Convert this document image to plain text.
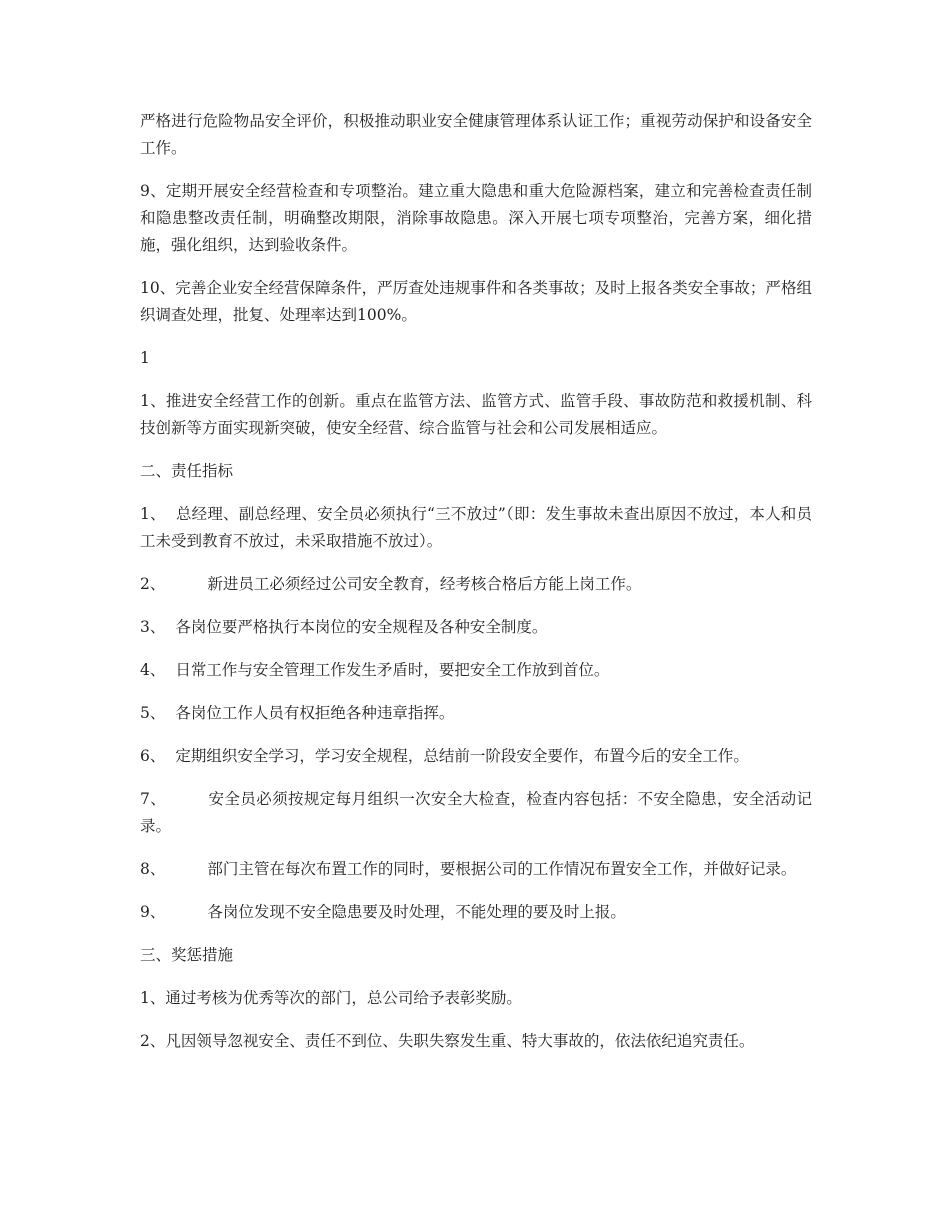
严格进行危险物品安全评价，积极推动职业安全健康管理体系认证工作；重视劳动保护和设备安全工作。

9、定期开展安全经营检查和专项整治。建立重大隐患和重大危险源档案，建立和完善检查责任制和隐患整改责任制，明确整改期限，消除事故隐患。深入开展七项专项整治，完善方案，细化措施，强化组织，达到验收条件。

10、完善企业安全经营保障条件，严厉查处违规事件和各类事故；及时上报各类安全事故；严格组织调查处理，批复、处理率达到100%。

1

1、推进安全经营工作的创新。重点在监管方法、监管方式、监管手段、事故防范和救援机制、科技创新等方面实现新突破，使安全经营、综合监管与社会和公司发展相适应。

二、责任指标

1、 总经理、副总经理、安全员必须执行“三不放过”（即：发生事故未查出原因不放过，本人和员工未受到教育不放过，未采取措施不放过）。

2、	新进员工必须经过公司安全教育，经考核合格后方能上岗工作。

3、 各岗位要严格执行本岗位的安全规程及各种安全制度。

4、 日常工作与安全管理工作发生矛盾时，要把安全工作放到首位。

5、 各岗位工作人员有权拒绝各种违章指挥。

6、 定期组织安全学习，学习安全规程，总结前一阶段安全要作，布置今后的安全工作。

7、	安全员必须按规定每月组织一次安全大检查，检查内容包括：不安全隐患，安全活动记录。

8、	部门主管在每次布置工作的同时，要根据公司的工作情况布置安全工作，并做好记录。

9、	各岗位发现不安全隐患要及时处理，不能处理的要及时上报。

三、奖惩措施

1、通过考核为优秀等次的部门，总公司给予表彰奖励。

2、凡因领导忽视安全、责任不到位、失职失察发生重、特大事故的，依法依纪追究责任。
